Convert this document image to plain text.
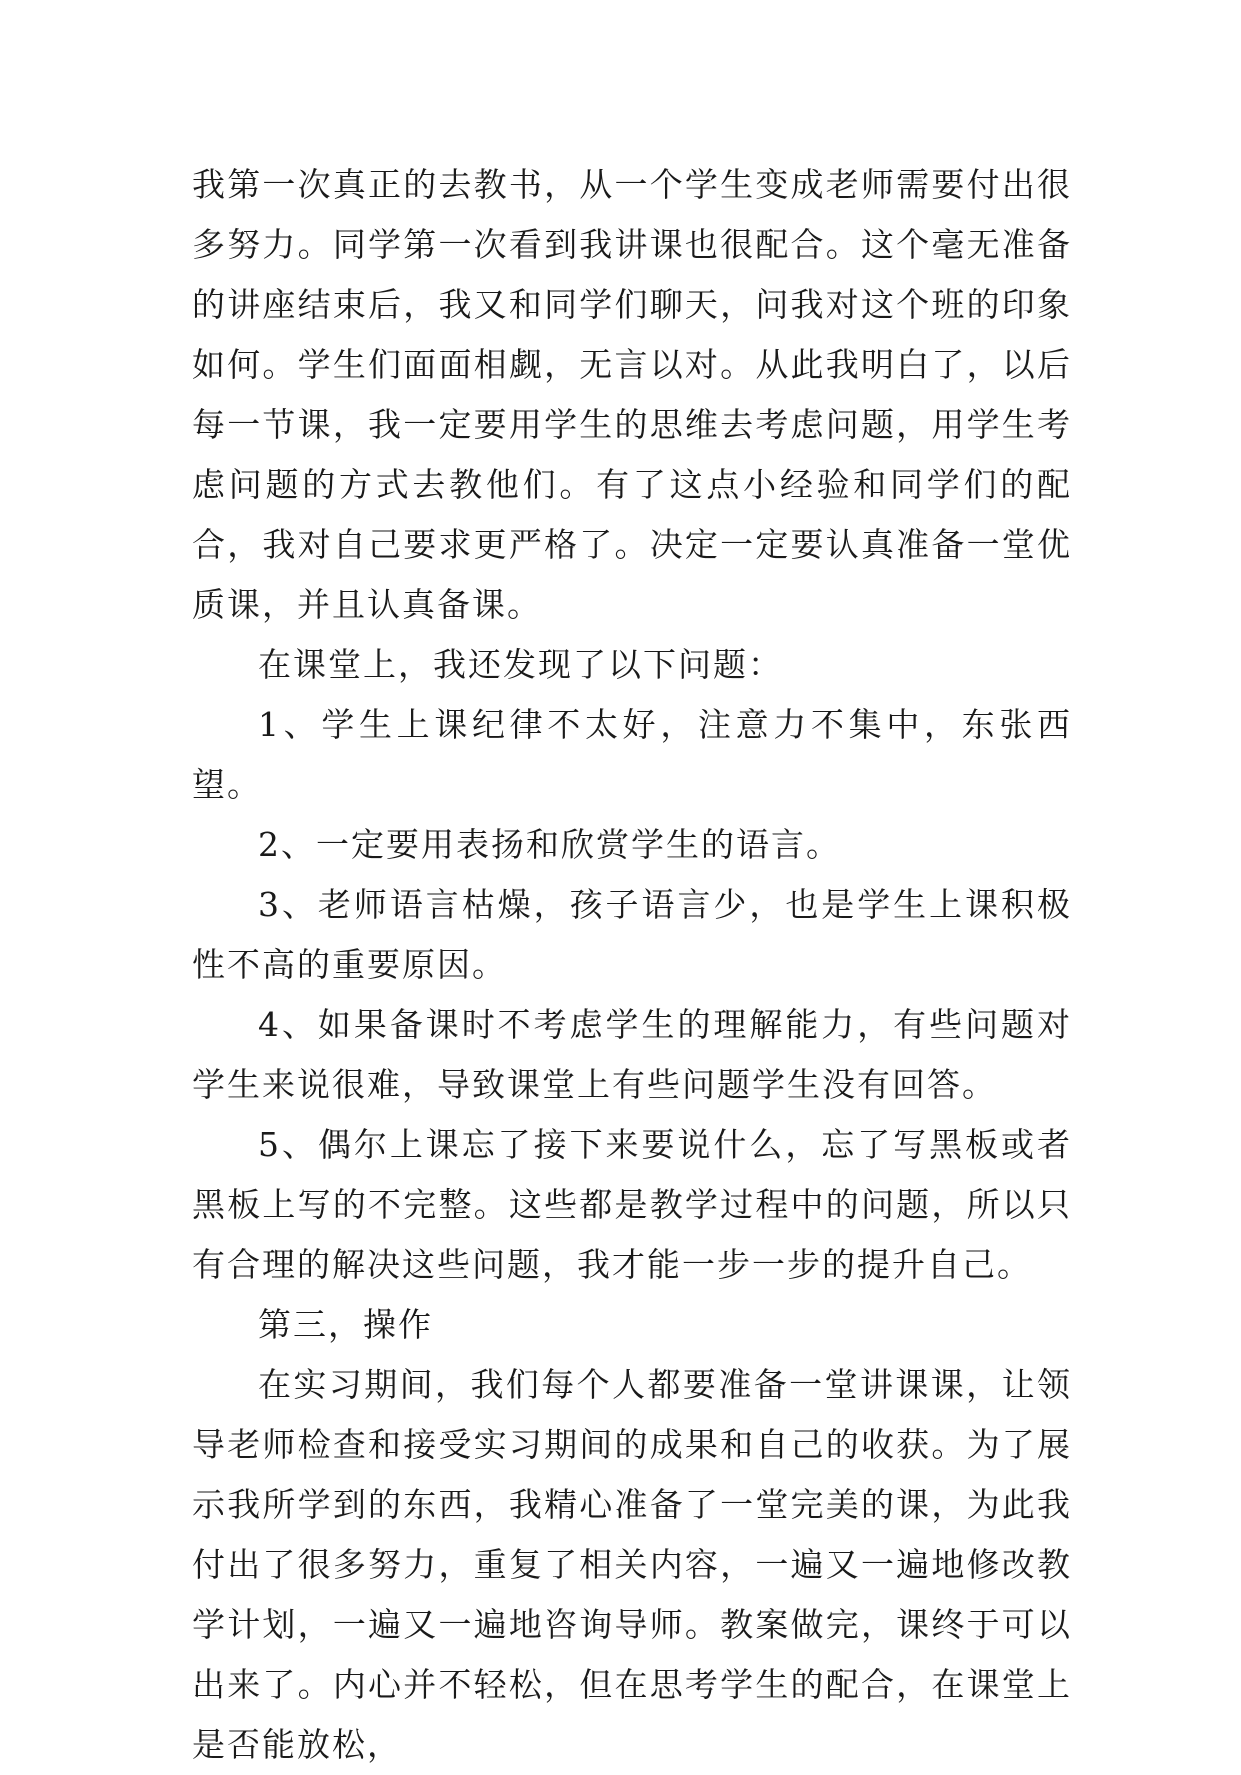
我第一次真正的去教书，从一个学生变成老师需要付出很多努力。同学第一次看到我讲课也很配合。这个毫无准备的讲座结束后，我又和同学们聊天，问我对这个班的印象如何。学生们面面相觑，无言以对。从此我明白了，以后每一节课，我一定要用学生的思维去考虑问题，用学生考虑问题的方式去教他们。有了这点小经验和同学们的配合，我对自己要求更严格了。决定一定要认真准备一堂优质课，并且认真备课。

在课堂上，我还发现了以下问题：

1、学生上课纪律不太好，注意力不集中，东张西望。

2、一定要用表扬和欣赏学生的语言。

3、老师语言枯燥，孩子语言少，也是学生上课积极性不高的重要原因。

4、如果备课时不考虑学生的理解能力，有些问题对学生来说很难，导致课堂上有些问题学生没有回答。

5、偶尔上课忘了接下来要说什么，忘了写黑板或者黑板上写的不完整。这些都是教学过程中的问题，所以只有合理的解决这些问题，我才能一步一步的提升自己。

第三，操作

在实习期间，我们每个人都要准备一堂讲课课，让领导老师检查和接受实习期间的成果和自己的收获。为了展示我所学到的东西，我精心准备了一堂完美的课，为此我付出了很多努力，重复了相关内容，一遍又一遍地修改教学计划，一遍又一遍地咨询导师。教案做完，课终于可以出来了。内心并不轻松，但在思考学生的配合，在课堂上是否能放松，
